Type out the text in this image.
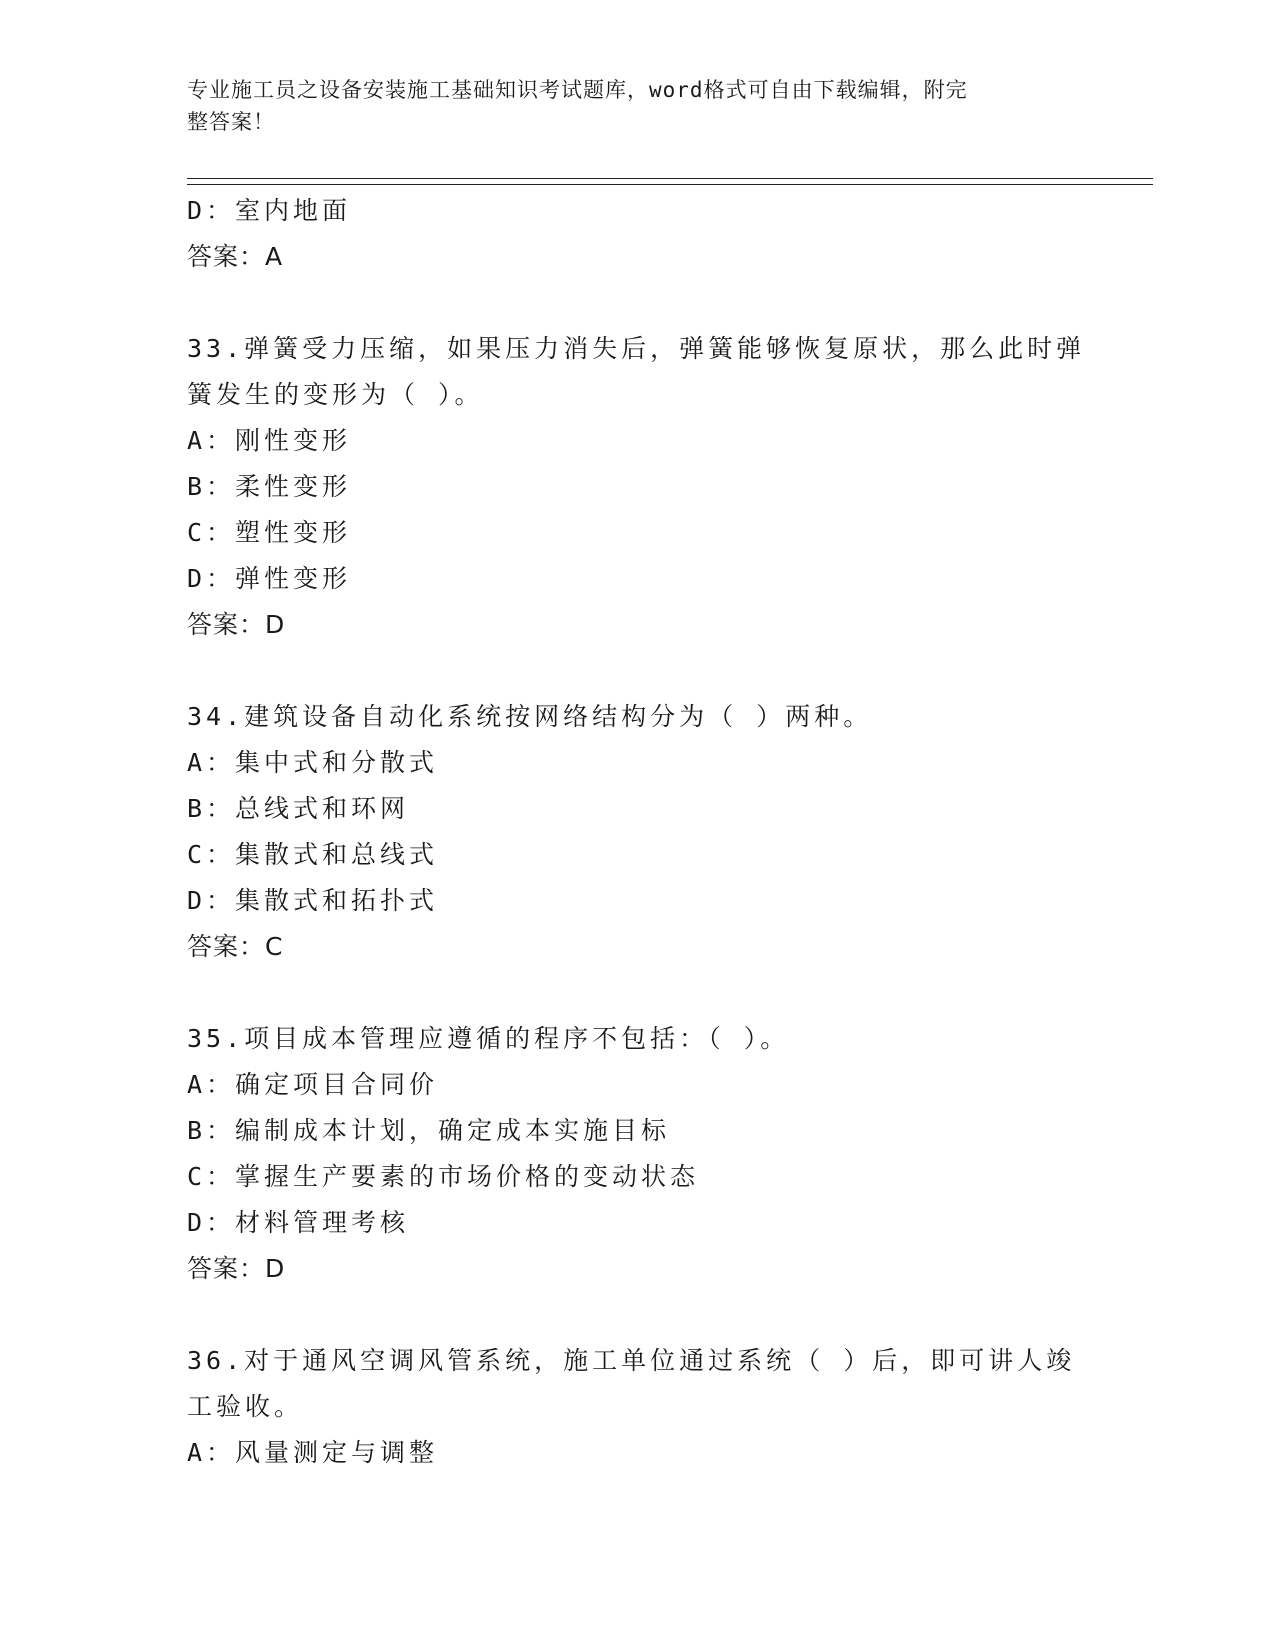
专业施工员之设备安装施工基础知识考试题库，word格式可自由下载编辑，附完
整答案！
D：室内地面
答案：A
33.弹簧受力压缩，如果压力消失后，弹簧能够恢复原状，那么此时弹
簧发生的变形为（ ）。
A：刚性变形
B：柔性变形
C：塑性变形
D：弹性变形
答案：D
34.建筑设备自动化系统按网络结构分为（ ）两种。
A：集中式和分散式
B：总线式和环网
C：集散式和总线式
D：集散式和拓扑式
答案：C
35.项目成本管理应遵循的程序不包括：（ ）。
A：确定项目合同价
B：编制成本计划，确定成本实施目标
C：掌握生产要素的市场价格的变动状态
D：材料管理考核
答案：D
36.对于通风空调风管系统，施工单位通过系统（ ）后，即可讲人竣
工验收。
A：风量测定与调整
